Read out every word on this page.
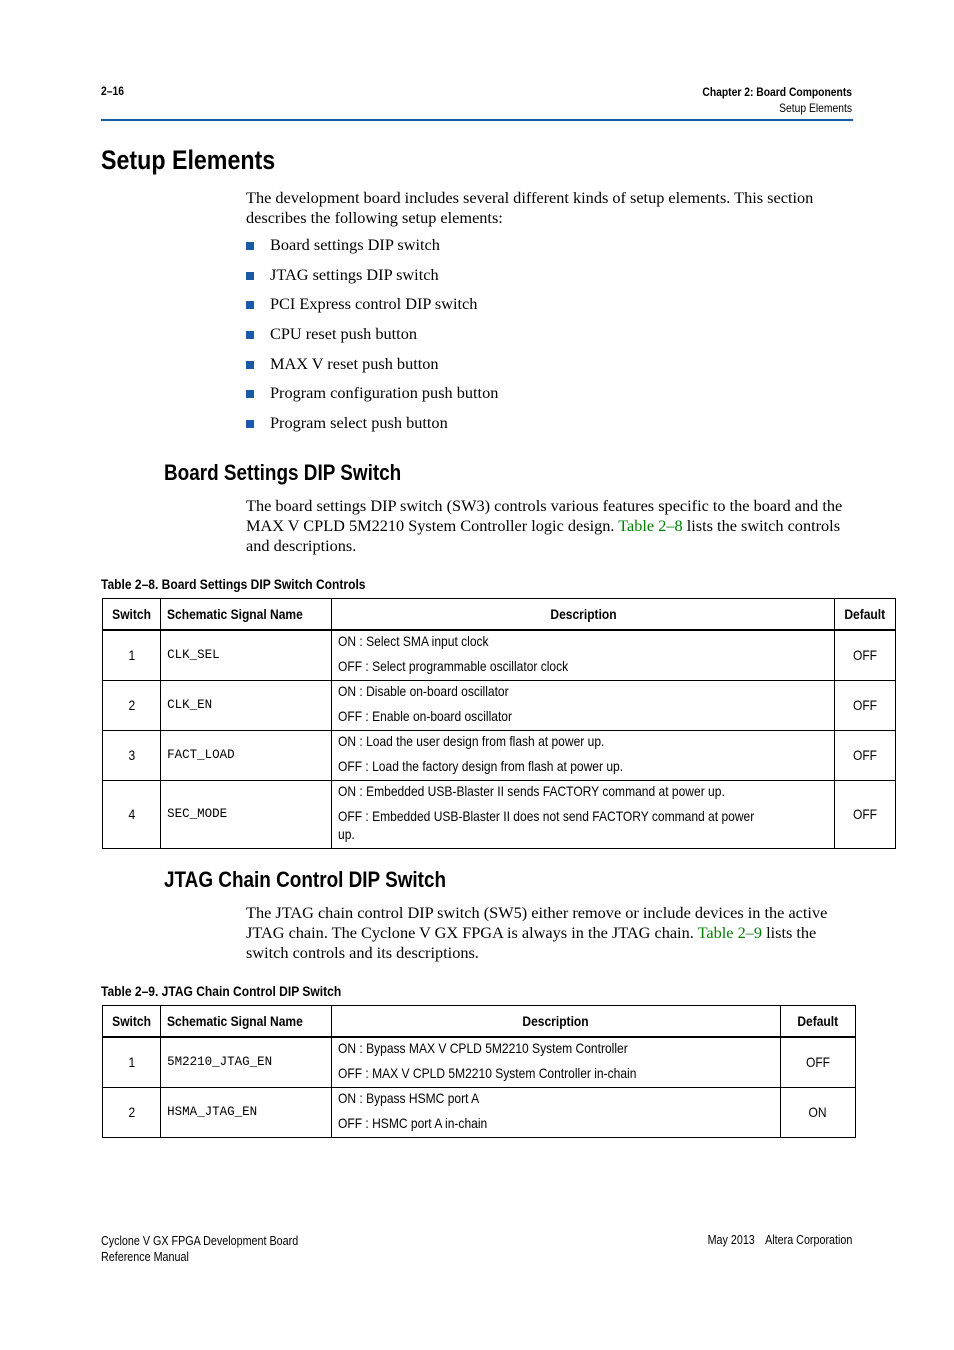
2–16	Chapter 2: Board Components
Setup Elements
Setup Elements
The development board includes several different kinds of setup elements. This section describes the following setup elements:
Board settings DIP switch
JTAG settings DIP switch
PCI Express control DIP switch
CPU reset push button
MAX V reset push button
Program configuration push button
Program select push button
Board Settings DIP Switch
The board settings DIP switch (SW3) controls various features specific to the board and the MAX V CPLD 5M2210 System Controller logic design. Table 2–8 lists the switch controls and descriptions.
Table 2–8. Board Settings DIP Switch Controls
Switch	Schematic Signal Name	Description	Default
1	CLK_SEL	ON : Select SMA input clock
OFF : Select programmable oscillator clock	OFF
2	CLK_EN	ON : Disable on-board oscillator
OFF : Enable on-board oscillator	OFF
3	FACT_LOAD	ON : Load the user design from flash at power up.
OFF : Load the factory design from flash at power up.	OFF
4	SEC_MODE	ON : Embedded USB-Blaster II sends FACTORY command at power up.
OFF : Embedded USB-Blaster II does not send FACTORY command at power up.	OFF
JTAG Chain Control DIP Switch
The JTAG chain control DIP switch (SW5) either remove or include devices in the active JTAG chain. The Cyclone V GX FPGA is always in the JTAG chain. Table 2–9 lists the switch controls and its descriptions.
Table 2–9. JTAG Chain Control DIP Switch
Switch	Schematic Signal Name	Description	Default
1	5M2210_JTAG_EN	ON : Bypass MAX V CPLD 5M2210 System Controller
OFF : MAX V CPLD 5M2210 System Controller in-chain	OFF
2	HSMA_JTAG_EN	ON : Bypass HSMC port A
OFF : HSMC port A in-chain	ON
Cyclone V GX FPGA Development Board
Reference Manual
May 2013 Altera Corporation
